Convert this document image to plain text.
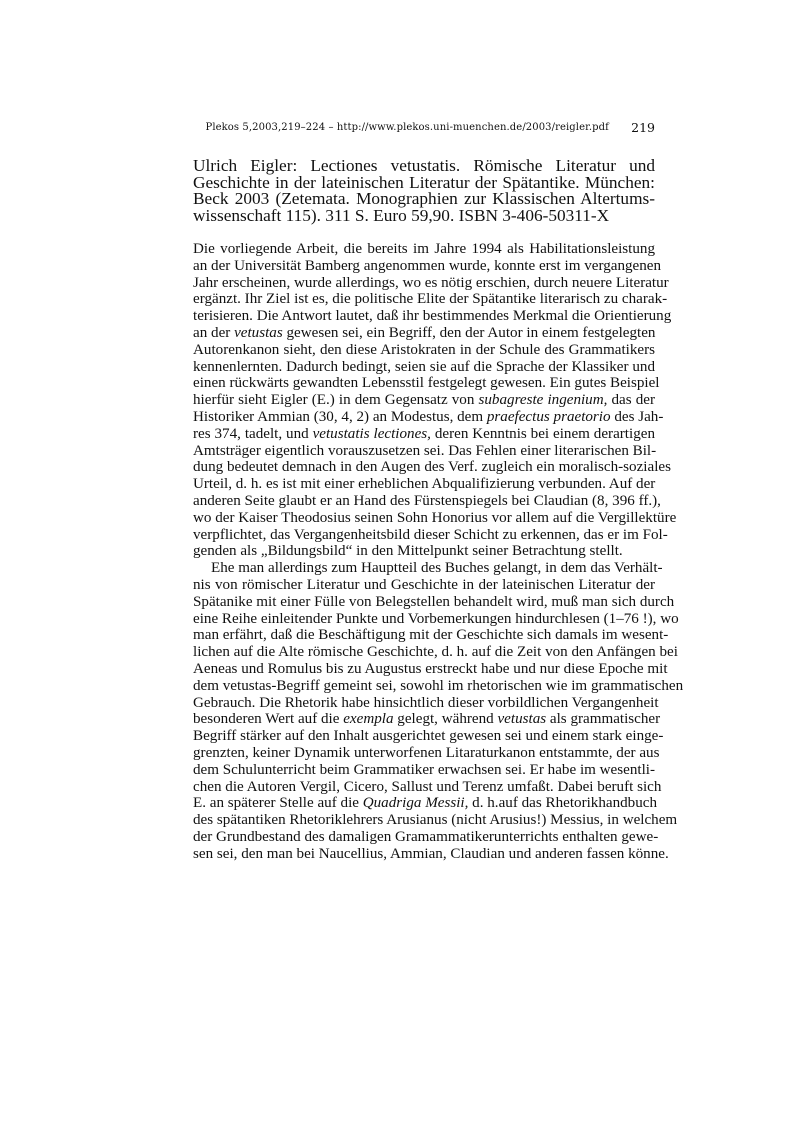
Plekos 5,2003,219–224 – http://www.plekos.uni-muenchen.de/2003/reigler.pdf 219
Ulrich Eigler: Lectiones vetustatis. Römische Literatur und
Geschichte in der lateinischen Literatur der Spätantike. München:
Beck 2003 (Zetemata. Monographien zur Klassischen Altertums-
wissenschaft 115). 311 S. Euro 59,90. ISBN 3-406-50311-X
Die vorliegende Arbeit, die bereits im Jahre 1994 als Habilitationsleistung
an der Universität Bamberg angenommen wurde, konnte erst im vergangenen
Jahr erscheinen, wurde allerdings, wo es nötig erschien, durch neuere Literatur
ergänzt. Ihr Ziel ist es, die politische Elite der Spätantike literarisch zu charak-
terisieren. Die Antwort lautet, daß ihr bestimmendes Merkmal die Orientierung
an der vetustas gewesen sei, ein Begriff, den der Autor in einem festgelegten
Autorenkanon sieht, den diese Aristokraten in der Schule des Grammatikers
kennenlernten. Dadurch bedingt, seien sie auf die Sprache der Klassiker und
einen rückwärts gewandten Lebensstil festgelegt gewesen. Ein gutes Beispiel
hierfür sieht Eigler (E.) in dem Gegensatz von subagreste ingenium, das der
Historiker Ammian (30, 4, 2) an Modestus, dem praefectus praetorio des Jah-
res 374, tadelt, und vetustatis lectiones, deren Kenntnis bei einem derartigen
Amtsträger eigentlich vorauszusetzen sei. Das Fehlen einer literarischen Bil-
dung bedeutet demnach in den Augen des Verf. zugleich ein moralisch-soziales
Urteil, d. h. es ist mit einer erheblichen Abqualifizierung verbunden. Auf der
anderen Seite glaubt er an Hand des Fürstenspiegels bei Claudian (8, 396 ff.),
wo der Kaiser Theodosius seinen Sohn Honorius vor allem auf die Vergillektüre
verpflichtet, das Vergangenheitsbild dieser Schicht zu erkennen, das er im Fol-
genden als „Bildungsbild“ in den Mittelpunkt seiner Betrachtung stellt.
Ehe man allerdings zum Hauptteil des Buches gelangt, in dem das Verhält-
nis von römischer Literatur und Geschichte in der lateinischen Literatur der
Spätanike mit einer Fülle von Belegstellen behandelt wird, muß man sich durch
eine Reihe einleitender Punkte und Vorbemerkungen hindurchlesen (1–76 !), wo
man erfährt, daß die Beschäftigung mit der Geschichte sich damals im wesent-
lichen auf die Alte römische Geschichte, d. h. auf die Zeit von den Anfängen bei
Aeneas und Romulus bis zu Augustus erstreckt habe und nur diese Epoche mit
dem vetustas-Begriff gemeint sei, sowohl im rhetorischen wie im grammatischen
Gebrauch. Die Rhetorik habe hinsichtlich dieser vorbildlichen Vergangenheit
besonderen Wert auf die exempla gelegt, während vetustas als grammatischer
Begriff stärker auf den Inhalt ausgerichtet gewesen sei und einem stark einge-
grenzten, keiner Dynamik unterworfenen Litaraturkanon entstammte, der aus
dem Schulunterricht beim Grammatiker erwachsen sei. Er habe im wesentli-
chen die Autoren Vergil, Cicero, Sallust und Terenz umfaßt. Dabei beruft sich
E. an späterer Stelle auf die Quadriga Messii, d. h.auf das Rhetorikhandbuch
des spätantiken Rhetoriklehrers Arusianus (nicht Arusius!) Messius, in welchem
der Grundbestand des damaligen Gramammatikerunterrichts enthalten gewe-
sen sei, den man bei Naucellius, Ammian, Claudian und anderen fassen könne.
